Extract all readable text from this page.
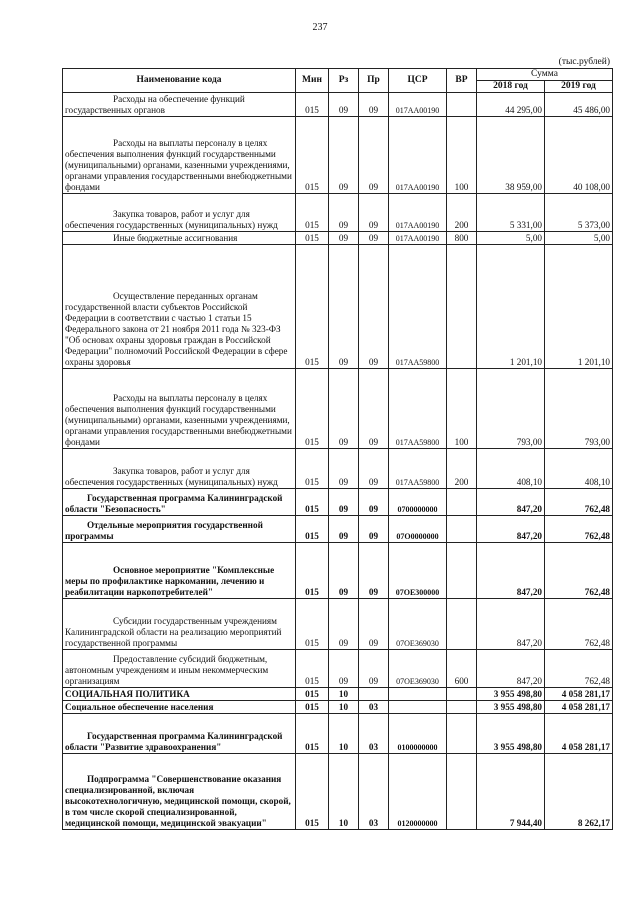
237
(тыс.рублей)
Наименование кода	Мин	Рз	Пр	ЦСР	ВР	Сумма	
						2018 год	2019 год
Расходы на обеспечение функций государственных органов	015	09	09	017АА00190		44 295,00	45 486,00
Расходы на выплаты персоналу в целях обеспечения выполнения функций государственными (муниципальными) органами, казенными учреждениями, органами управления государственными внебюджетными фондами	015	09	09	017АА00190	100	38 959,00	40 108,00
Закупка товаров, работ и услуг для обеспечения государственных (муниципальных) нужд	015	09	09	017АА00190	200	5 331,00	5 373,00
Иные бюджетные ассигнования	015	09	09	017АА00190	800	5,00	5,00
Осуществление переданных органам государственной власти субъектов Российской Федерации в соответствии с частью 1 статьи 15 Федерального закона от 21 ноября 2011 года № 323-ФЗ "Об основах охраны здоровья граждан в Российской Федерации" полномочий Российской Федерации в сфере охраны здоровья	015	09	09	017АА59800		1 201,10	1 201,10
Расходы на выплаты персоналу в целях обеспечения выполнения функций государственными (муниципальными) органами, казенными учреждениями, органами управления государственными внебюджетными фондами	015	09	09	017АА59800	100	793,00	793,00
Закупка товаров, работ и услуг для обеспечения государственных (муниципальных) нужд	015	09	09	017АА59800	200	408,10	408,10
Государственная программа Калининградской области "Безопасность"	015	09	09	0700000000		847,20	762,48
Отдельные мероприятия государственной программы	015	09	09	07О0000000		847,20	762,48
Основное мероприятие "Комплексные меры по профилактике наркомании, лечению и реабилитации наркопотребителей"	015	09	09	07ОЕ300000		847,20	762,48
Субсидии государственным учреждениям Калининградской области на реализацию мероприятий государственной программы	015	09	09	07ОЕ369030		847,20	762,48
Предоставление субсидий бюджетным, автономным учреждениям и иным некоммерческим организациям	015	09	09	07ОЕ369030	600	847,20	762,48
СОЦИАЛЬНАЯ ПОЛИТИКА	015	10				3 955 498,80	4 058 281,17
Социальное обеспечение населения	015	10	03			3 955 498,80	4 058 281,17
Государственная программа Калининградской области "Развитие здравоохранения"	015	10	03	0100000000		3 955 498,80	4 058 281,17
Подпрограмма "Совершенствование оказания специализированной, включая высокотехнологичную, медицинской помощи, скорой, в том числе скорой специализированной, медицинской помощи, медицинской эвакуации"	015	10	03	0120000000		7 944,40	8 262,17
